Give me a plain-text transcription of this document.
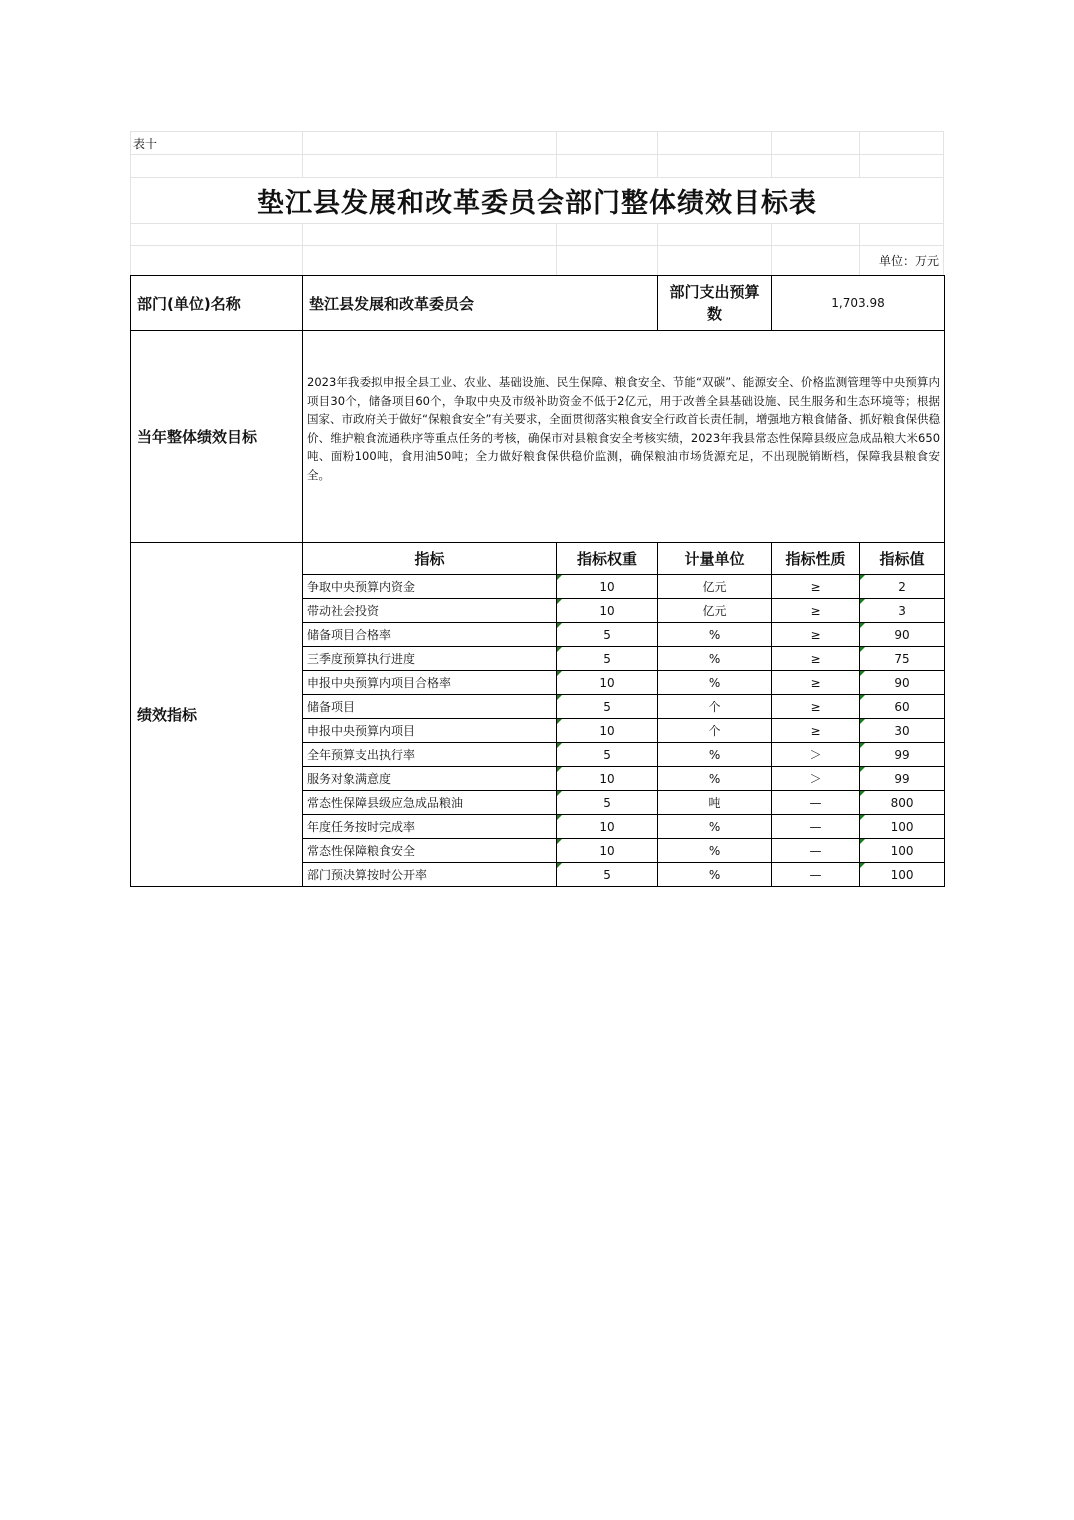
表十
垫江县发展和改革委员会部门整体绩效目标表
单位：万元
部门(单位)名称	垫江县发展和改革委员会		部门支出预算数	1,703.98	
当年整体绩效目标	2023年我委拟申报全县工业、农业、基础设施、民生保障、粮食安全、节能“双碳”、能源安全、价格监测管理等中央预算内项目30个，储备项目60个，争取中央及市级补助资金不低于2亿元，用于改善全县基础设施、民生服务和生态环境等；根据国家、市政府关于做好“保粮食安全”有关要求，全面贯彻落实粮食安全行政首长责任制，增强地方粮食储备、抓好粮食保供稳价、维护粮食流通秩序等重点任务的考核，确保市对县粮食安全考核实绩，2023年我县常态性保障县级应急成品粮大米650吨、面粉100吨，食用油50吨；全力做好粮食保供稳价监测，确保粮油市场货源充足，不出现脱销断档，保障我县粮食安全。				

绩效指标	指标	指标权重	计量单位	指标性质	指标值
	争取中央预算内资金	10	亿元	≥	2
	带动社会投资	10	亿元	≥	3
	储备项目合格率	5	%	≥	90
	三季度预算执行进度	5	%	≥	75
	申报中央预算内项目合格率	10	%	≥	90
	储备项目	5	个	≥	60
	申报中央预算内项目	10	个	≥	30
	全年预算支出执行率	5	%	＞	99
	服务对象满意度	10	%	＞	99
	常态性保障县级应急成品粮油	5	吨	—	800
	年度任务按时完成率	10	%	—	100
	常态性保障粮食安全	10	%	—	100
	部门预决算按时公开率	5	%	—	100
